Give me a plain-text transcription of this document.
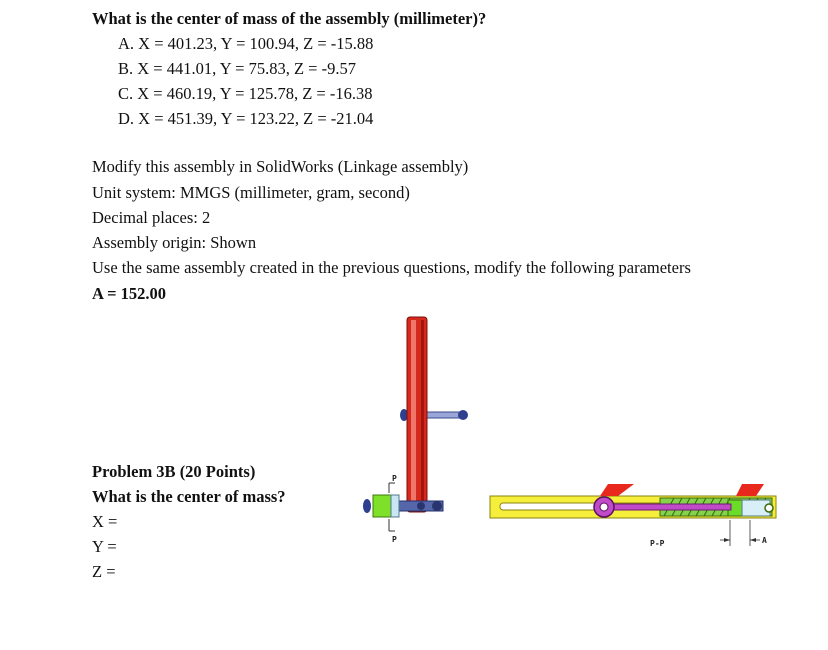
What is the center of mass of the assembly (millimeter)?
A. X = 401.23, Y = 100.94, Z = -15.88
B. X = 441.01, Y = 75.83, Z = -9.57
C. X = 460.19, Y = 125.78, Z = -16.38
D. X = 451.39, Y = 123.22, Z = -21.04
Modify this assembly in SolidWorks (Linkage assembly)
Unit system: MMGS (millimeter, gram, second)
Decimal places: 2
Assembly origin: Shown
Use the same assembly created in the previous questions, modify the following parameters
A = 152.00
Problem 3B (20 Points)
What is the center of mass?
X =
Y =
Z =
P
P	A
P-P
